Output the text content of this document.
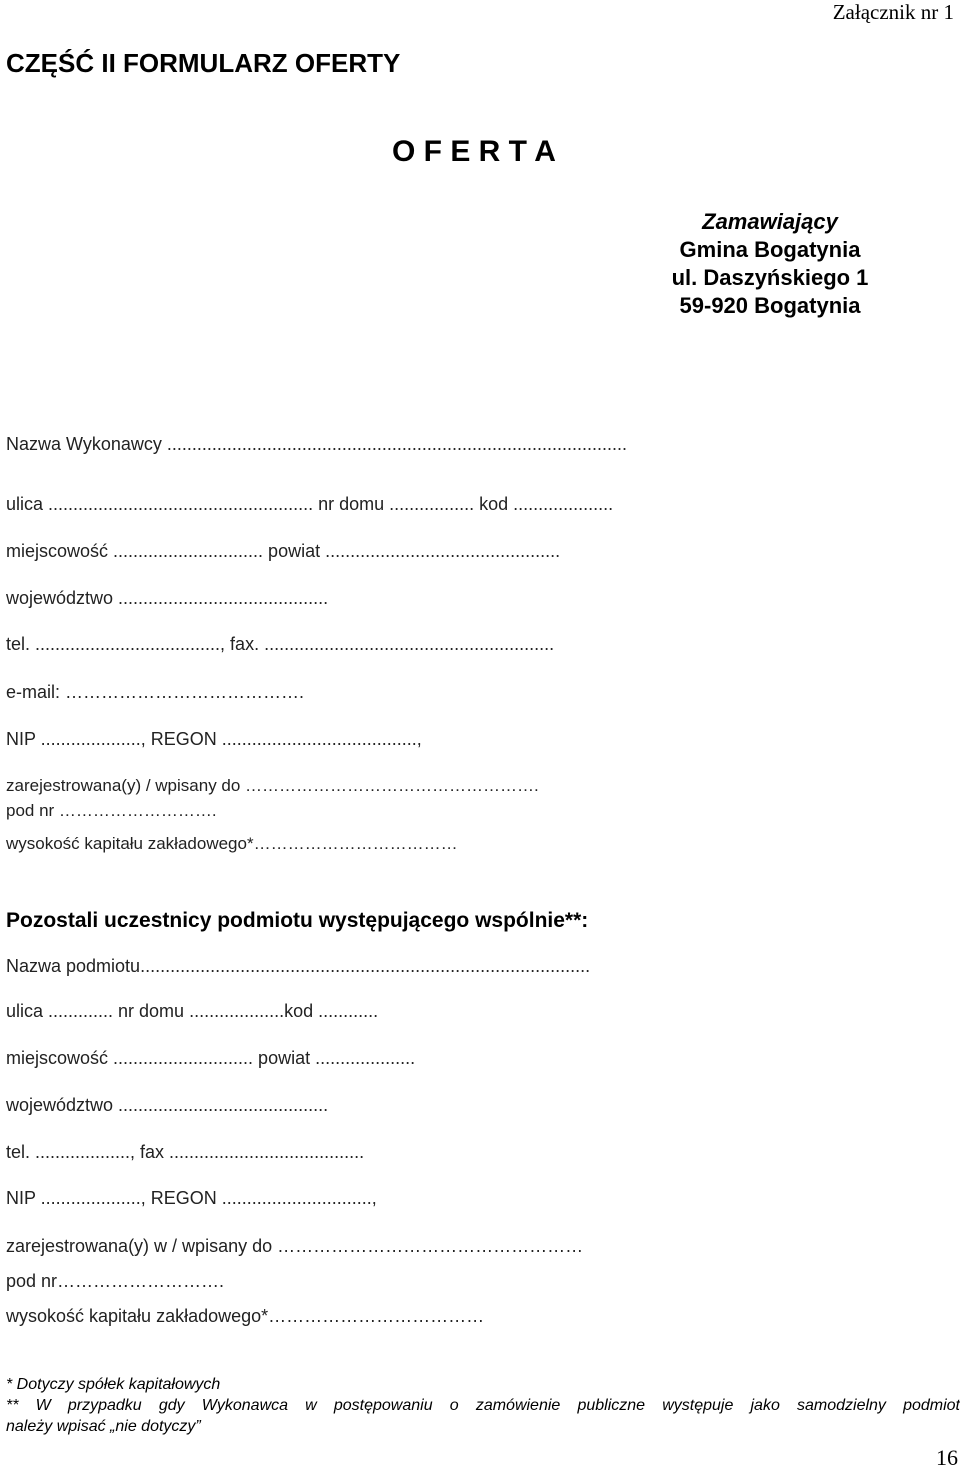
Załącznik nr 1
CZĘŚĆ II FORMULARZ OFERTY
O F E R T A
Zamawiający
Gmina Bogatynia
ul. Daszyńskiego 1
59-920 Bogatynia
Nazwa Wykonawcy ............................................................................................
ulica ..................................................... nr domu ................. kod ....................
miejscowość .............................. powiat ...............................................
województwo ..........................................
tel. ....................................., fax. ..........................................................
e-mail: ………………………………….
NIP ...................., REGON .......................................,
zarejestrowana(y) / wpisany do …………………………………………….
pod nr ……………………….
wysokość kapitału zakładowego*………………………………
Pozostali uczestnicy podmiotu występującego wspólnie**:
Nazwa podmiotu..........................................................................................
ulica ............. nr domu ...................kod ............
miejscowość ............................ powiat ....................
województwo ..........................................
tel. ..................., fax .......................................
NIP ...................., REGON ..............................,
zarejestrowana(y) w / wpisany do ……………………………………………
pod nr……………………….
wysokość kapitału zakładowego*………………………………
* Dotyczy spółek kapitałowych
** W przypadku gdy Wykonawca w postępowaniu o zamówienie publiczne występuje jako samodzielny podmiot
należy wpisać „nie dotyczy”
16
